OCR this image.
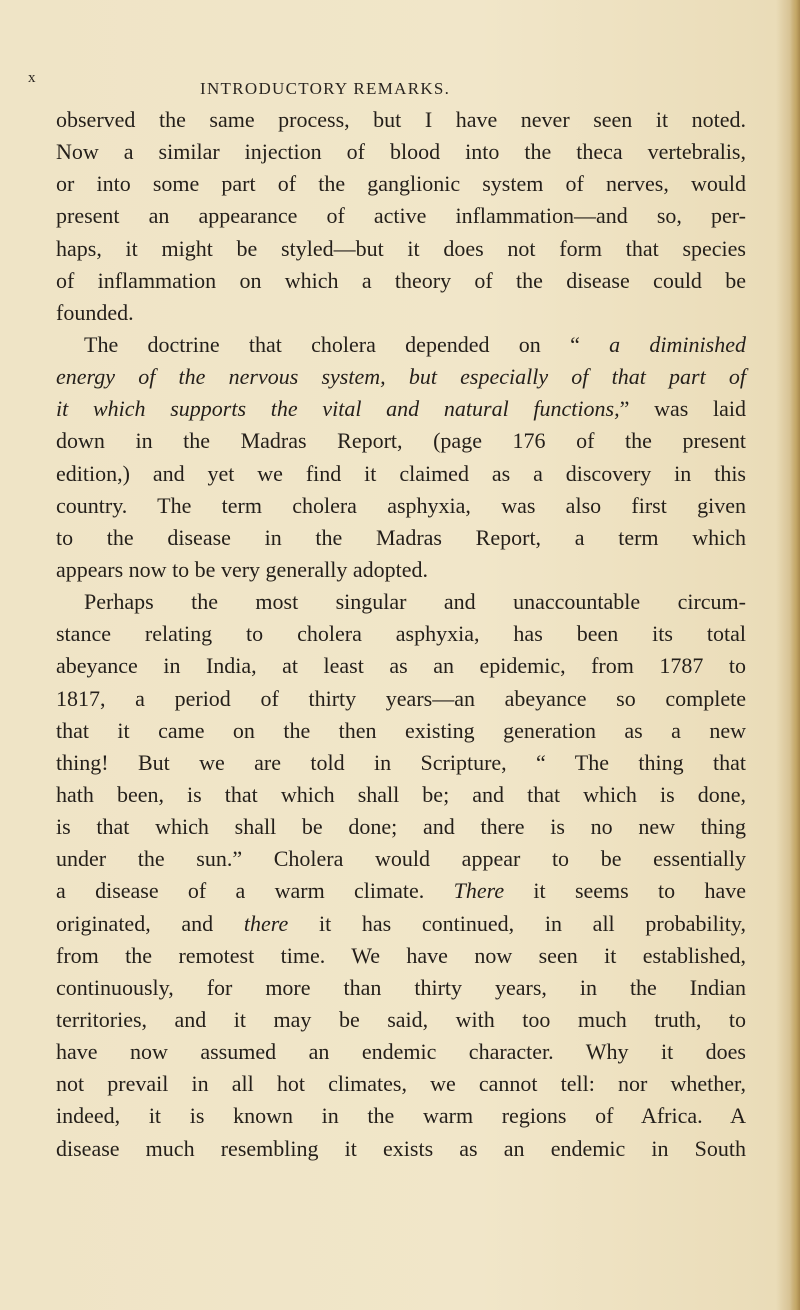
x
INTRODUCTORY REMARKS.
observed the same process, but I have never seen it noted.
Now a similar injection of blood into the theca vertebralis,
or into some part of the ganglionic system of nerves, would
present an appearance of active inflammation—and so, per-
haps, it might be styled—but it does not form that species
of inflammation on which a theory of the disease could be
founded.
The doctrine that cholera depended on “ a diminished
energy of the nervous system, but especially of that part of
it which supports the vital and natural functions,” was laid
down in the Madras Report, (page 176 of the present
edition,) and yet we find it claimed as a discovery in this
country. The term cholera asphyxia, was also first given
to the disease in the Madras Report, a term which
appears now to be very generally adopted.
Perhaps the most singular and unaccountable circum-
stance relating to cholera asphyxia, has been its total
abeyance in India, at least as an epidemic, from 1787 to
1817, a period of thirty years—an abeyance so complete
that it came on the then existing generation as a new
thing! But we are told in Scripture, “ The thing that
hath been, is that which shall be; and that which is done,
is that which shall be done; and there is no new thing
under the sun.” Cholera would appear to be essentially
a disease of a warm climate. There it seems to have
originated, and there it has continued, in all probability,
from the remotest time. We have now seen it established,
continuously, for more than thirty years, in the Indian
territories, and it may be said, with too much truth, to
have now assumed an endemic character. Why it does
not prevail in all hot climates, we cannot tell: nor whether,
indeed, it is known in the warm regions of Africa. A
disease much resembling it exists as an endemic in South
